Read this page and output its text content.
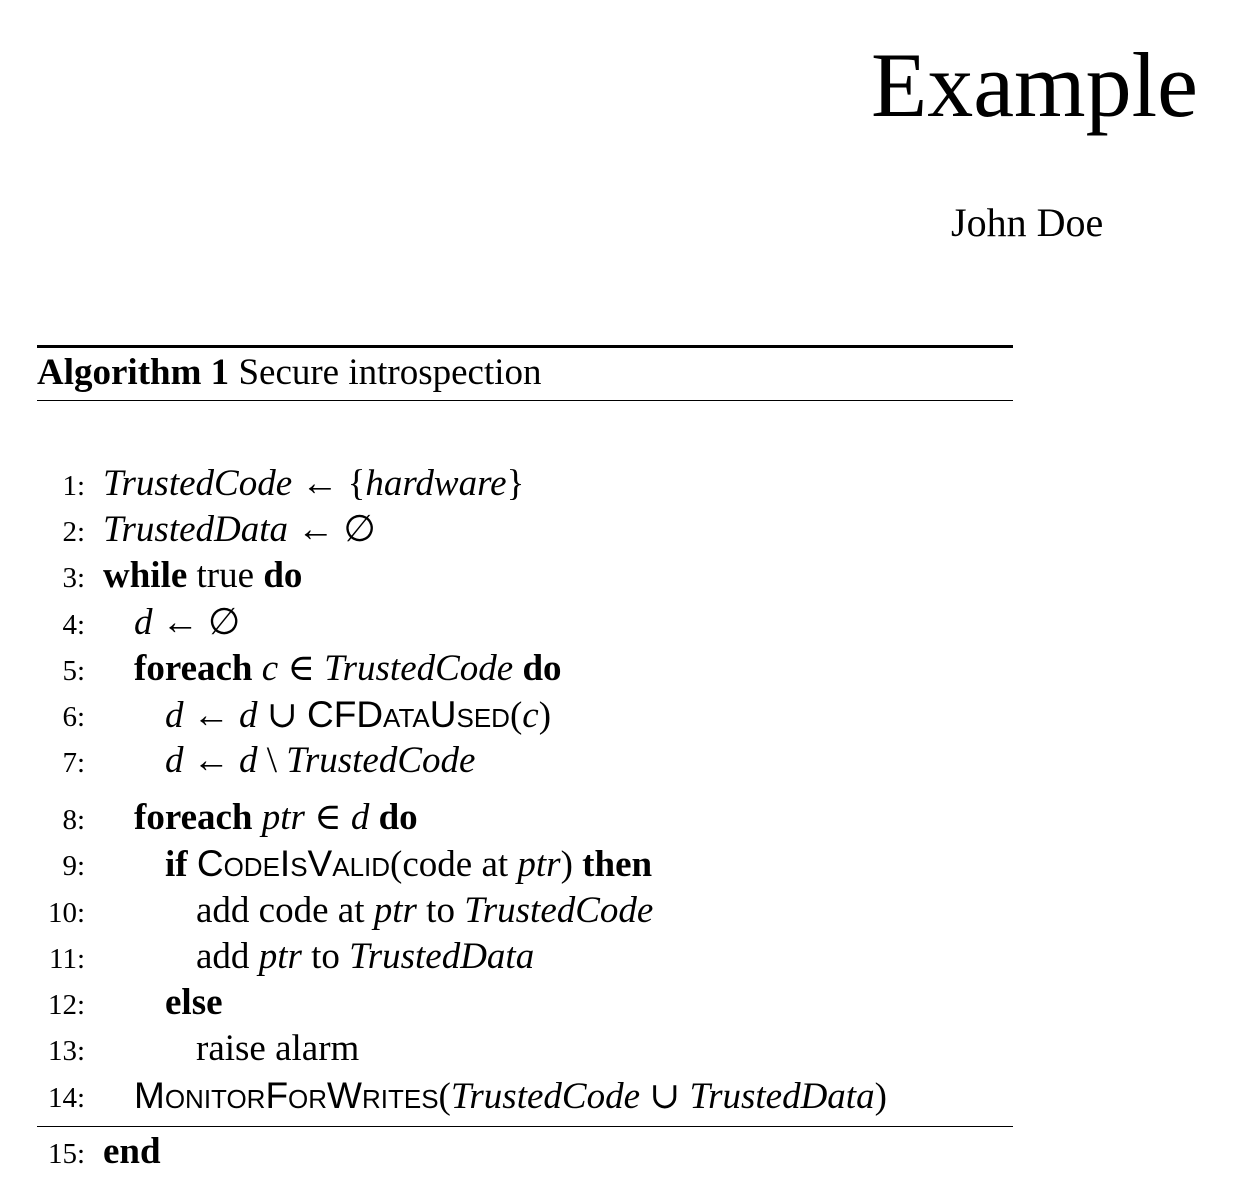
Example
John Doe
Algorithm 1 Secure introspection
1: TrustedCode ← {hardware}
2: TrustedData ← ∅
3: while true do
4: d ← ∅
5: foreach c ∈ TrustedCode do
6: d ← d ∪ CFDataUsed(c)
7: d ← d \ TrustedCode
8: foreach ptr ∈ d do
9: if CodeIsValid(code at ptr) then
10:	add code at ptr to TrustedCode
11:	add ptr to TrustedData
12: else
13:	raise alarm
14: MonitorForWrites(TrustedCode ∪ TrustedData)
15: end
